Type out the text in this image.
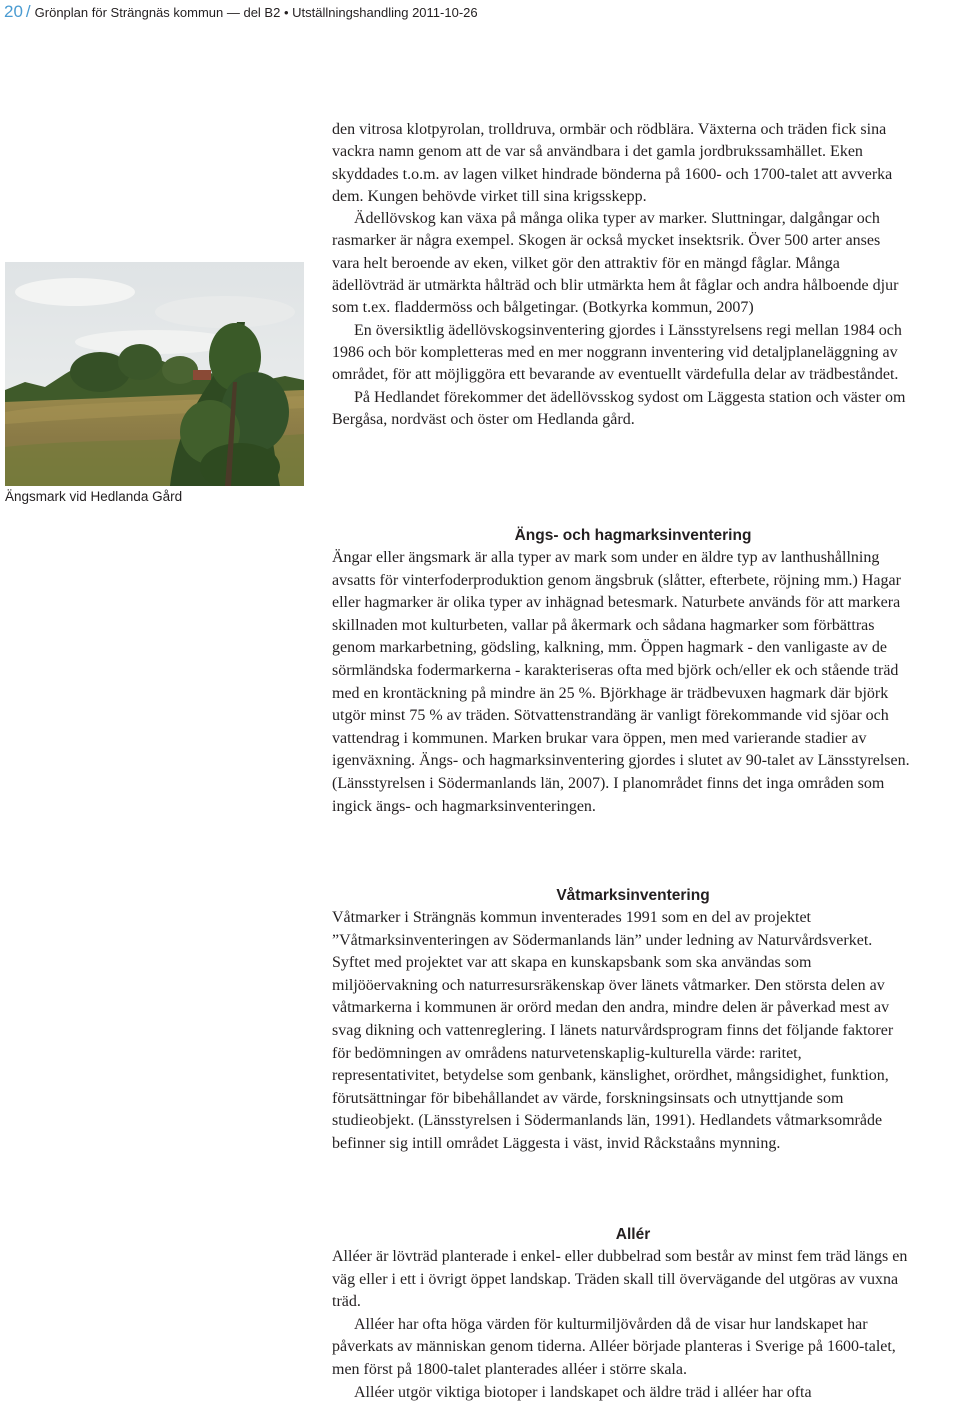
20 / Grönplan för Strängnäs kommun — del B2 • Utställningshandling 2011-10-26
Ängsmark vid Hedlanda Gård

den vitrosa klotpyrolan, trolldruva, ormbär och rödblära. Växterna och träden fick sina vackra namn genom att de var så användbara i det gamla jordbrukssamhället. Eken skyddades t.o.m. av lagen vilket hindrade bönderna på 1600- och 1700-talet att avverka dem. Kungen behövde virket till sina krigsskepp.

Ädellövskog kan växa på många olika typer av marker. Sluttningar, dalgångar och rasmarker är några exempel. Skogen är också mycket insektsrik. Över 500 arter anses vara helt beroende av eken, vilket gör den attraktiv för en mängd fåglar. Många ädellövträd är utmärkta hålträd och blir utmärkta hem åt fåglar och andra hålboende djur som t.ex. fladdermöss och bålgetingar. (Botkyrka kommun, 2007)

En översiktlig ädellövskogsinventering gjordes i Länsstyrelsens regi mellan 1984 och 1986 och bör kompletteras med en mer noggrann inventering vid detaljplaneläggning av området, för att möjliggöra ett bevarande av eventuellt värdefulla delar av trädbeståndet.

På Hedlandet förekommer det ädellövsskog sydost om Läggesta station och väster om Bergåsa, nordväst och öster om Hedlanda gård.

Ängs- och hagmarksinventering

Ängar eller ängsmark är alla typer av mark som under en äldre typ av lanthushållning avsatts för vinterfoderproduktion genom ängsbruk (slåtter, efterbete, röjning mm.) Hagar eller hagmarker är olika typer av inhägnad betesmark. Naturbete används för att markera skillnaden mot kulturbeten, vallar på åkermark och sådana hagmarker som förbättras genom markarbetning, gödsling, kalkning, mm. Öppen hagmark - den vanligaste av de sörmländska fodermarkerna - karakteriseras ofta med björk och/eller ek och stående träd med en krontäckning på mindre än 25 %. Björkhage är trädbevuxen hagmark där björk utgör minst 75 % av träden. Sötvattenstrandäng är vanligt förekommande vid sjöar och vattendrag i kommunen. Marken brukar vara öppen, men med varierande stadier av igenväxning. Ängs- och hagmarksinventering gjordes i slutet av 90-talet av Länsstyrelsen. (Länsstyrelsen i Södermanlands län, 2007). I planområdet finns det inga områden som ingick ängs- och hagmarksinventeringen.

Våtmarksinventering

Våtmarker i Strängnäs kommun inventerades 1991 som en del av projektet ”Våtmarksinventeringen av Södermanlands län” under ledning av Naturvårdsverket. Syftet med projektet var att skapa en kunskapsbank som ska användas som miljööervakning och naturresursräkenskap över länets våtmarker. Den största delen av våtmarkerna i kommunen är orörd medan den andra, mindre delen är påverkad mest av svag dikning och vattenreglering. I länets naturvårdsprogram finns det följande faktorer för bedömningen av områdens naturvetenskaplig-kulturella värde: raritet, representativitet, betydelse som genbank, känslighet, orördhet, mångsidighet, funktion, förutsättningar för bibehållandet av värde, forskningsinsats och utnyttjande som studieobjekt. (Länsstyrelsen i Södermanlands län, 1991). Hedlandets våtmarksområde befinner sig intill området Läggesta i väst, invid Råckstaåns mynning.

Allér

Alléer är lövträd planterade i enkel- eller dubbelrad som består av minst fem träd längs en väg eller i ett i övrigt öppet landskap. Träden skall till övervägande del utgöras av vuxna träd.

Alléer har ofta höga värden för kulturmiljövården då de visar hur landskapet har påverkats av människan genom tiderna. Alléer började planteras i Sverige på 1600-talet, men först på 1800-talet planterades alléer i större skala.

Alléer utgör viktiga biotoper i landskapet och äldre träd i alléer har ofta
